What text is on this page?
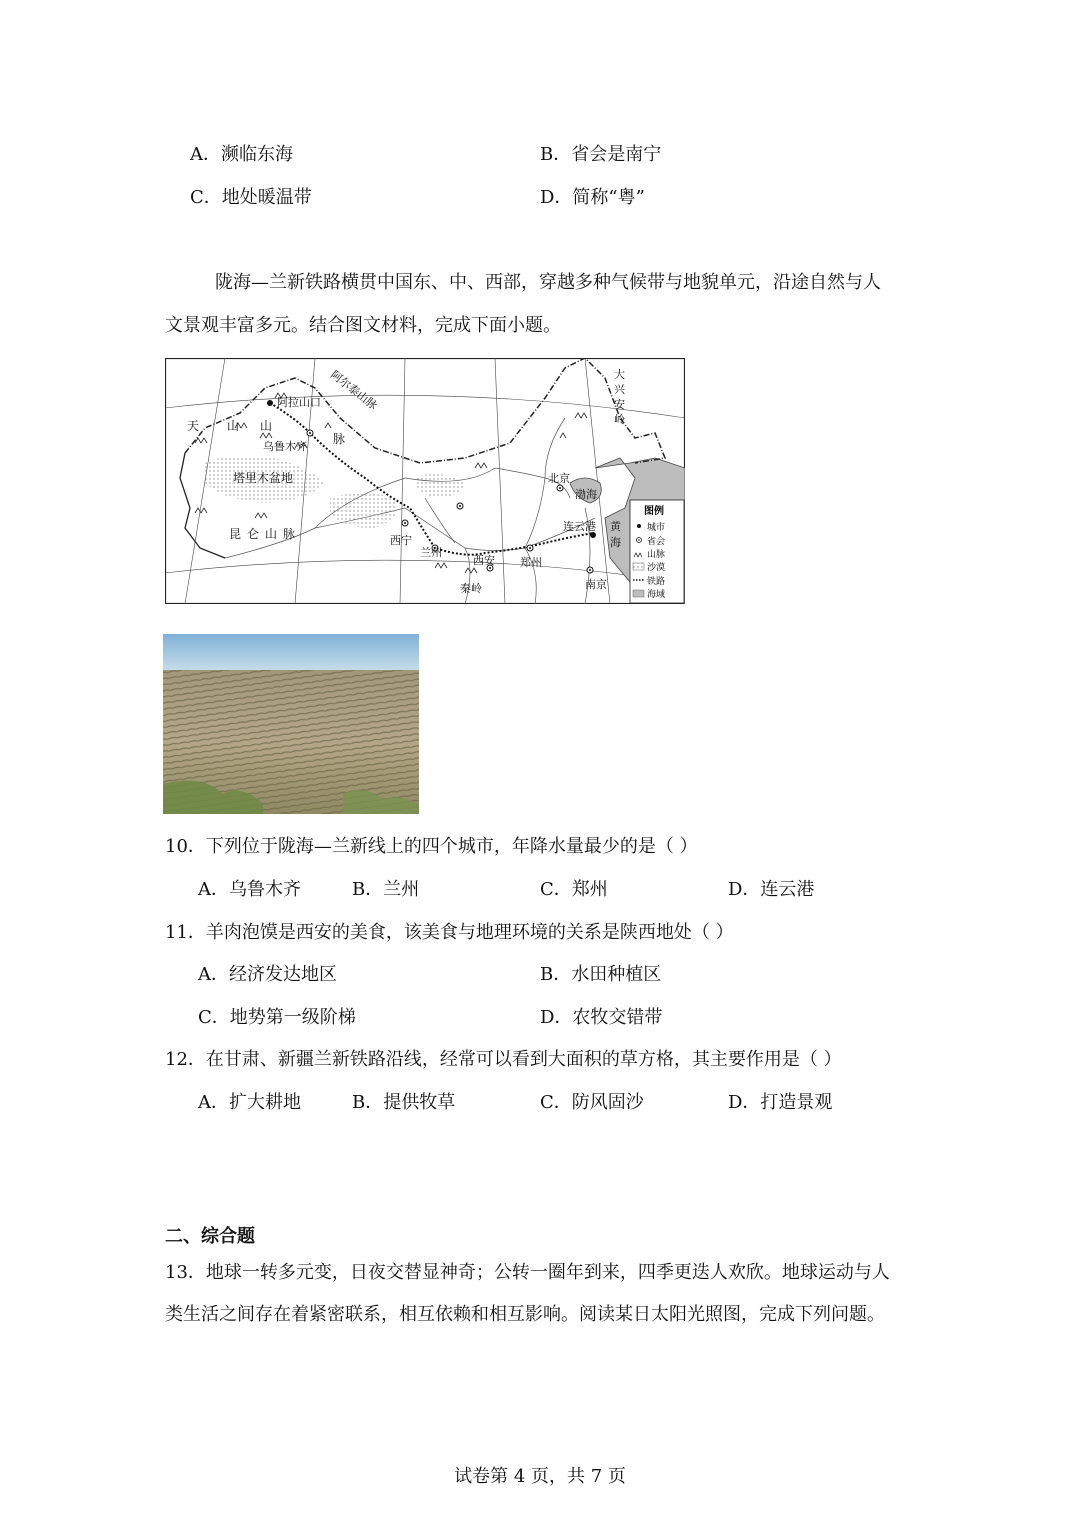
A．濒临东海	B．省会是南宁
C．地处暖温带	D．简称“粤”
陇海—兰新铁路横贯中国东、中、西部，穿越多种气候带与地貌单元，沿途自然与人
文景观丰富多元。结合图文材料，完成下面小题。
天 山 山
脉
阿拉山口
乌鲁木齐
阿尔泰山脉
塔里木盆地
昆仑山脉
北京
渤海
连云港
西宁
兰州
西安 郑州
秦岭	南京
大
兴
安
岭
黄
海
图例
城市
省会
山脉
沙漠
铁路
海域
10．下列位于陇海—兰新线上的四个城市，年降水量最少的是（ ）
A．乌鲁木齐	B．兰州	C．郑州	D．连云港
11．羊肉泡馍是西安的美食，该美食与地理环境的关系是陕西地处（ ）
A．经济发达地区	B．水田种植区
C．地势第一级阶梯	D．农牧交错带
12．在甘肃、新疆兰新铁路沿线，经常可以看到大面积的草方格，其主要作用是（ ）
A．扩大耕地	B．提供牧草	C．防风固沙	D．打造景观
二、综合题
13．地球一转多元变，日夜交替显神奇；公转一圈年到来，四季更迭人欢欣。地球运动与人
类生活之间存在着紧密联系，相互依赖和相互影响。阅读某日太阳光照图，完成下列问题。
试卷第 4 页，共 7 页
